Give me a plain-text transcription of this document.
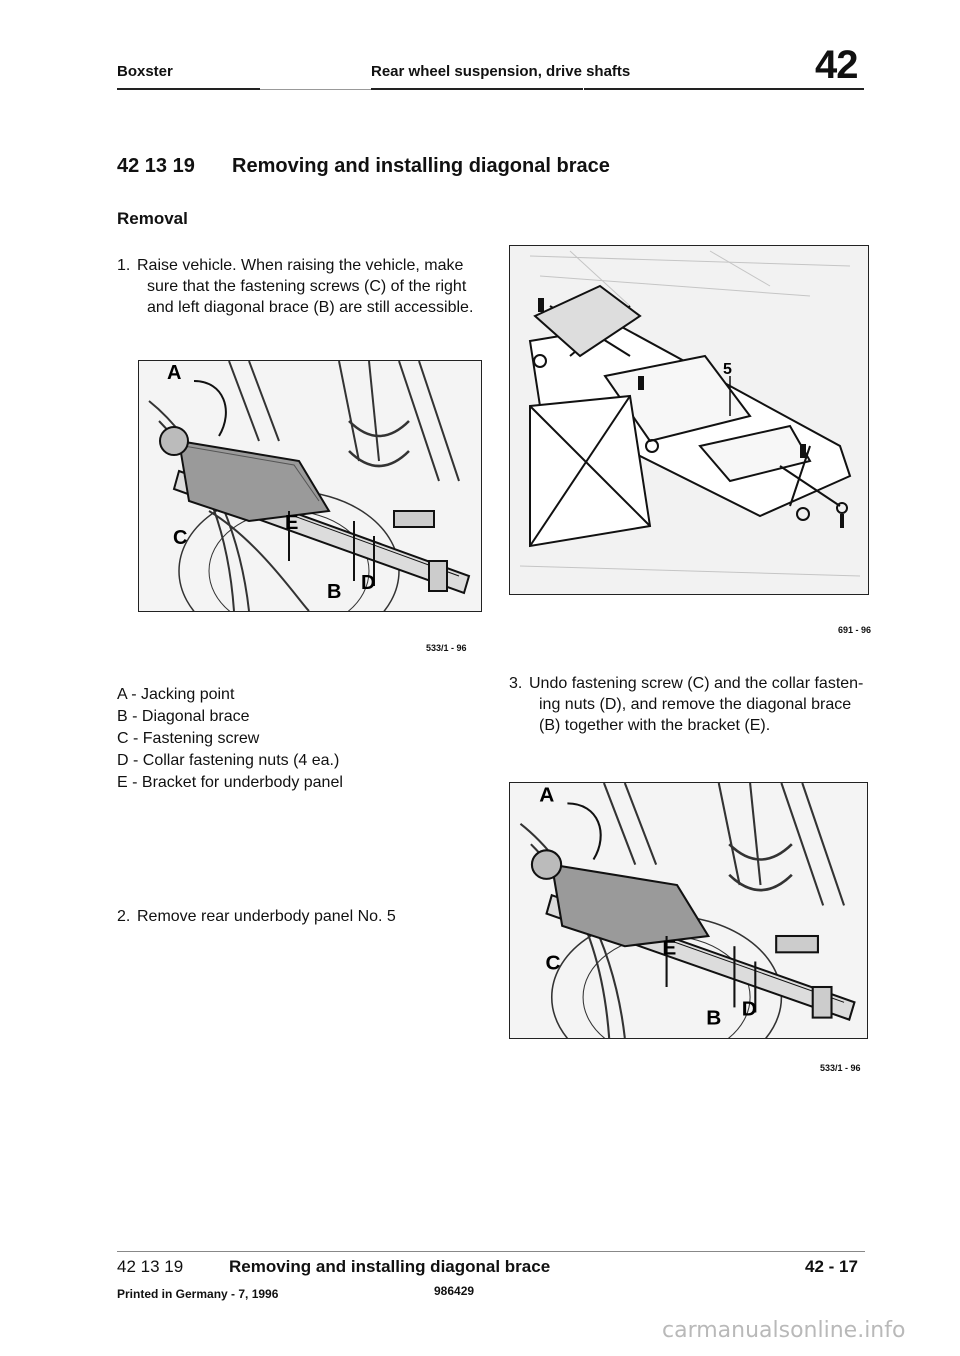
Boxster	Rear wheel suspension, drive shafts	42
42 13 19 Removing and installing diagonal brace
Removal
1. Raise vehicle. When raising the vehicle, make
sure that the fastening screws (C) of the right
and left diagonal brace (B) are still accessible.
A
C
E
B D
533/1 - 96
A - Jacking point
B - Diagonal brace
C - Fastening screw
D - Collar fastening nuts (4 ea.)
E - Bracket for underbody panel
2. Remove rear underbody panel No. 5
5
691 - 96
3. Undo fastening screw (C) and the collar fasten-
ing nuts (D), and remove the diagonal brace
(B) together with the bracket (E).
A
C
E
B D
533/1 - 96
42 13 19	Removing and installing diagonal brace	42 - 17
Printed in Germany - 7, 1996	986429
carmanualsonline.info
